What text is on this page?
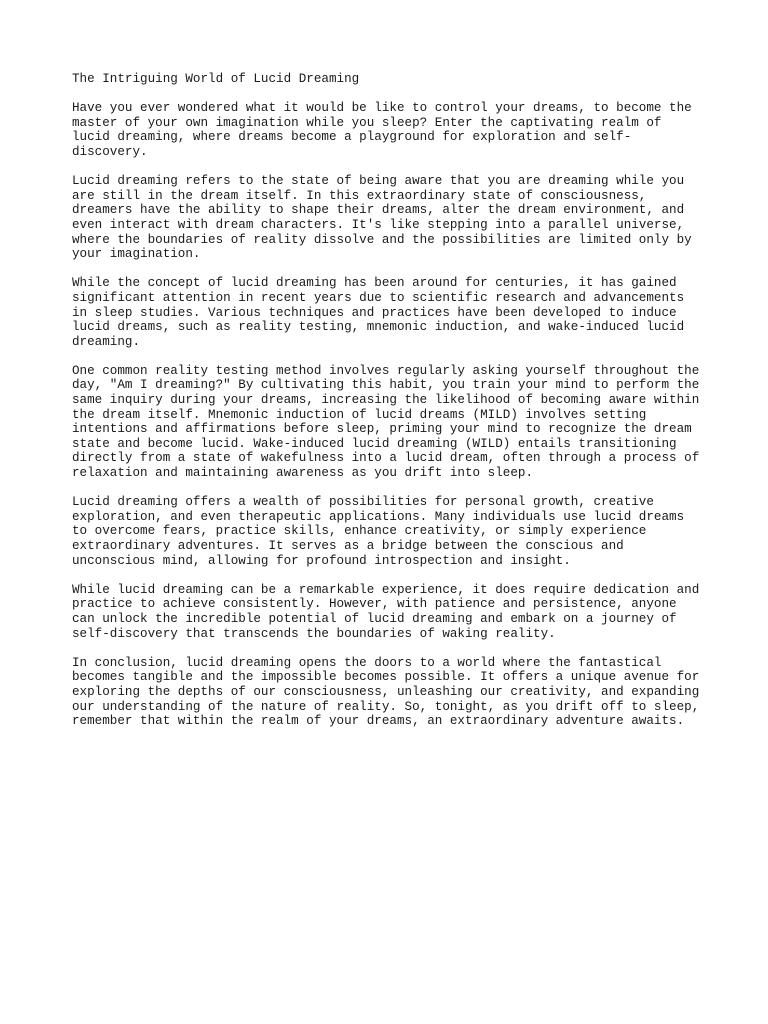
The Intriguing World of Lucid Dreaming

Have you ever wondered what it would be like to control your dreams, to become the
master of your own imagination while you sleep? Enter the captivating realm of
lucid dreaming, where dreams become a playground for exploration and self-
discovery.

Lucid dreaming refers to the state of being aware that you are dreaming while you
are still in the dream itself. In this extraordinary state of consciousness,
dreamers have the ability to shape their dreams, alter the dream environment, and
even interact with dream characters. It's like stepping into a parallel universe,
where the boundaries of reality dissolve and the possibilities are limited only by
your imagination.

While the concept of lucid dreaming has been around for centuries, it has gained
significant attention in recent years due to scientific research and advancements
in sleep studies. Various techniques and practices have been developed to induce
lucid dreams, such as reality testing, mnemonic induction, and wake-induced lucid
dreaming.

One common reality testing method involves regularly asking yourself throughout the
day, "Am I dreaming?" By cultivating this habit, you train your mind to perform the
same inquiry during your dreams, increasing the likelihood of becoming aware within
the dream itself. Mnemonic induction of lucid dreams (MILD) involves setting
intentions and affirmations before sleep, priming your mind to recognize the dream
state and become lucid. Wake-induced lucid dreaming (WILD) entails transitioning
directly from a state of wakefulness into a lucid dream, often through a process of
relaxation and maintaining awareness as you drift into sleep.

Lucid dreaming offers a wealth of possibilities for personal growth, creative
exploration, and even therapeutic applications. Many individuals use lucid dreams
to overcome fears, practice skills, enhance creativity, or simply experience
extraordinary adventures. It serves as a bridge between the conscious and
unconscious mind, allowing for profound introspection and insight.

While lucid dreaming can be a remarkable experience, it does require dedication and
practice to achieve consistently. However, with patience and persistence, anyone
can unlock the incredible potential of lucid dreaming and embark on a journey of
self-discovery that transcends the boundaries of waking reality.

In conclusion, lucid dreaming opens the doors to a world where the fantastical
becomes tangible and the impossible becomes possible. It offers a unique avenue for
exploring the depths of our consciousness, unleashing our creativity, and expanding
our understanding of the nature of reality. So, tonight, as you drift off to sleep,
remember that within the realm of your dreams, an extraordinary adventure awaits.
